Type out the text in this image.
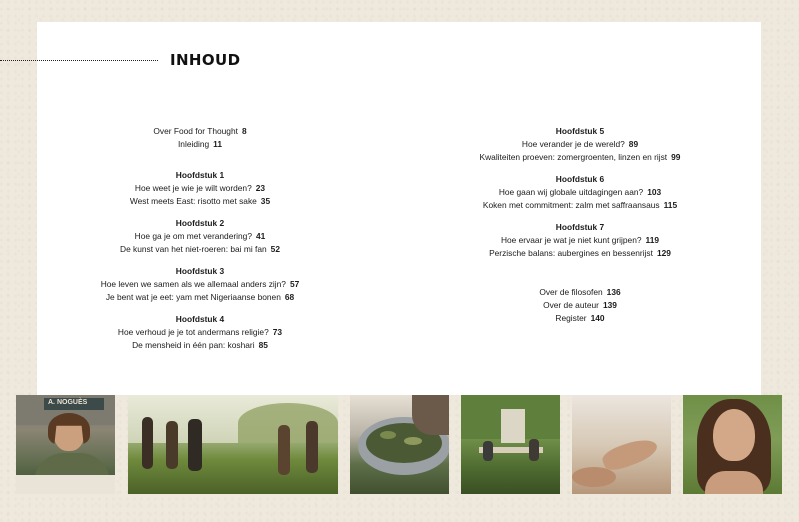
INHOUD
Over Food for Thought 8
Inleiding 11
Hoofdstuk 1
Hoe weet je wie je wilt worden? 23
West meets East: risotto met sake 35
Hoofdstuk 2
Hoe ga je om met verandering? 41
De kunst van het niet-roeren: bai mi fan 52
Hoofdstuk 3
Hoe leven we samen als we allemaal anders zijn? 57
Je bent wat je eet: yam met Nigeriaanse bonen 68
Hoofdstuk 4
Hoe verhoud je je tot andermans religie? 73
De mensheid in één pan: koshari 85
Hoofdstuk 5
Hoe verander je de wereld? 89
Kwaliteiten proeven: zomergroenten, linzen en rijst 99
Hoofdstuk 6
Hoe gaan wij globale uitdagingen aan? 103
Koken met commitment: zalm met saffraansaus 115
Hoofdstuk 7
Hoe ervaar je wat je niet kunt grijpen? 119
Perzische balans: aubergines en bessenrijst 129
Over de filosofen 136
Over de auteur 139
Register 140
A. NOGUÈS
